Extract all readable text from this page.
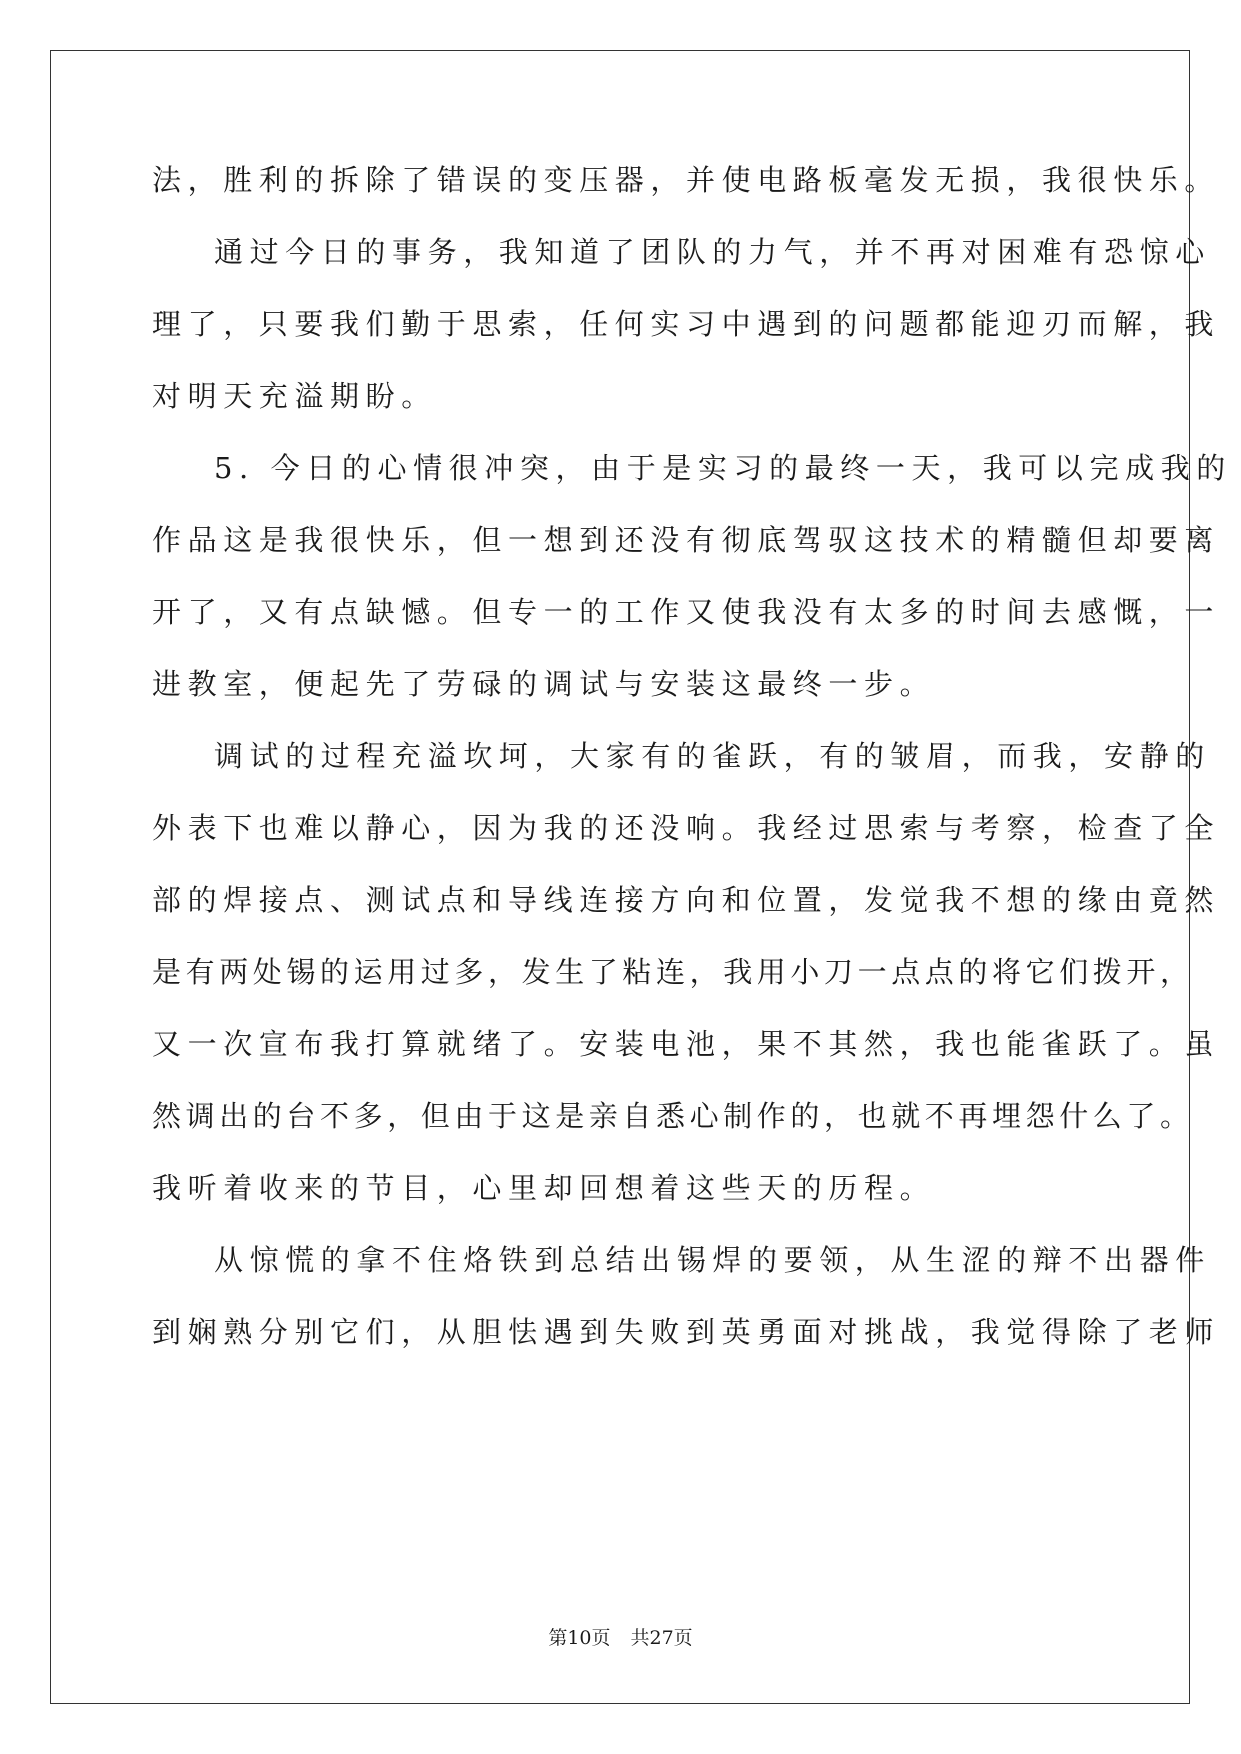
法，胜利的拆除了错误的变压器，并使电路板毫发无损，我很快乐。
通过今日的事务，我知道了团队的力气，并不再对困难有恐惊心
理了，只要我们勤于思索，任何实习中遇到的问题都能迎刃而解，我
对明天充溢期盼。
5. 今日的心情很冲突，由于是实习的最终一天，我可以完成我的
作品这是我很快乐，但一想到还没有彻底驾驭这技术的精髓但却要离
开了，又有点缺憾。但专一的工作又使我没有太多的时间去感慨，一
进教室，便起先了劳碌的调试与安装这最终一步。
调试的过程充溢坎坷，大家有的雀跃，有的皱眉，而我，安静的
外表下也难以静心，因为我的还没响。我经过思索与考察，检查了全
部的焊接点、测试点和导线连接方向和位置，发觉我不想的缘由竟然
是有两处锡的运用过多，发生了粘连，我用小刀一点点的将它们拨开，
又一次宣布我打算就绪了。安装电池，果不其然，我也能雀跃了。虽
然调出的台不多，但由于这是亲自悉心制作的，也就不再埋怨什么了。
我听着收来的节目，心里却回想着这些天的历程。
从惊慌的拿不住烙铁到总结出锡焊的要领，从生涩的辩不出器件
到娴熟分别它们，从胆怯遇到失败到英勇面对挑战，我觉得除了老师
第10页 共27页
